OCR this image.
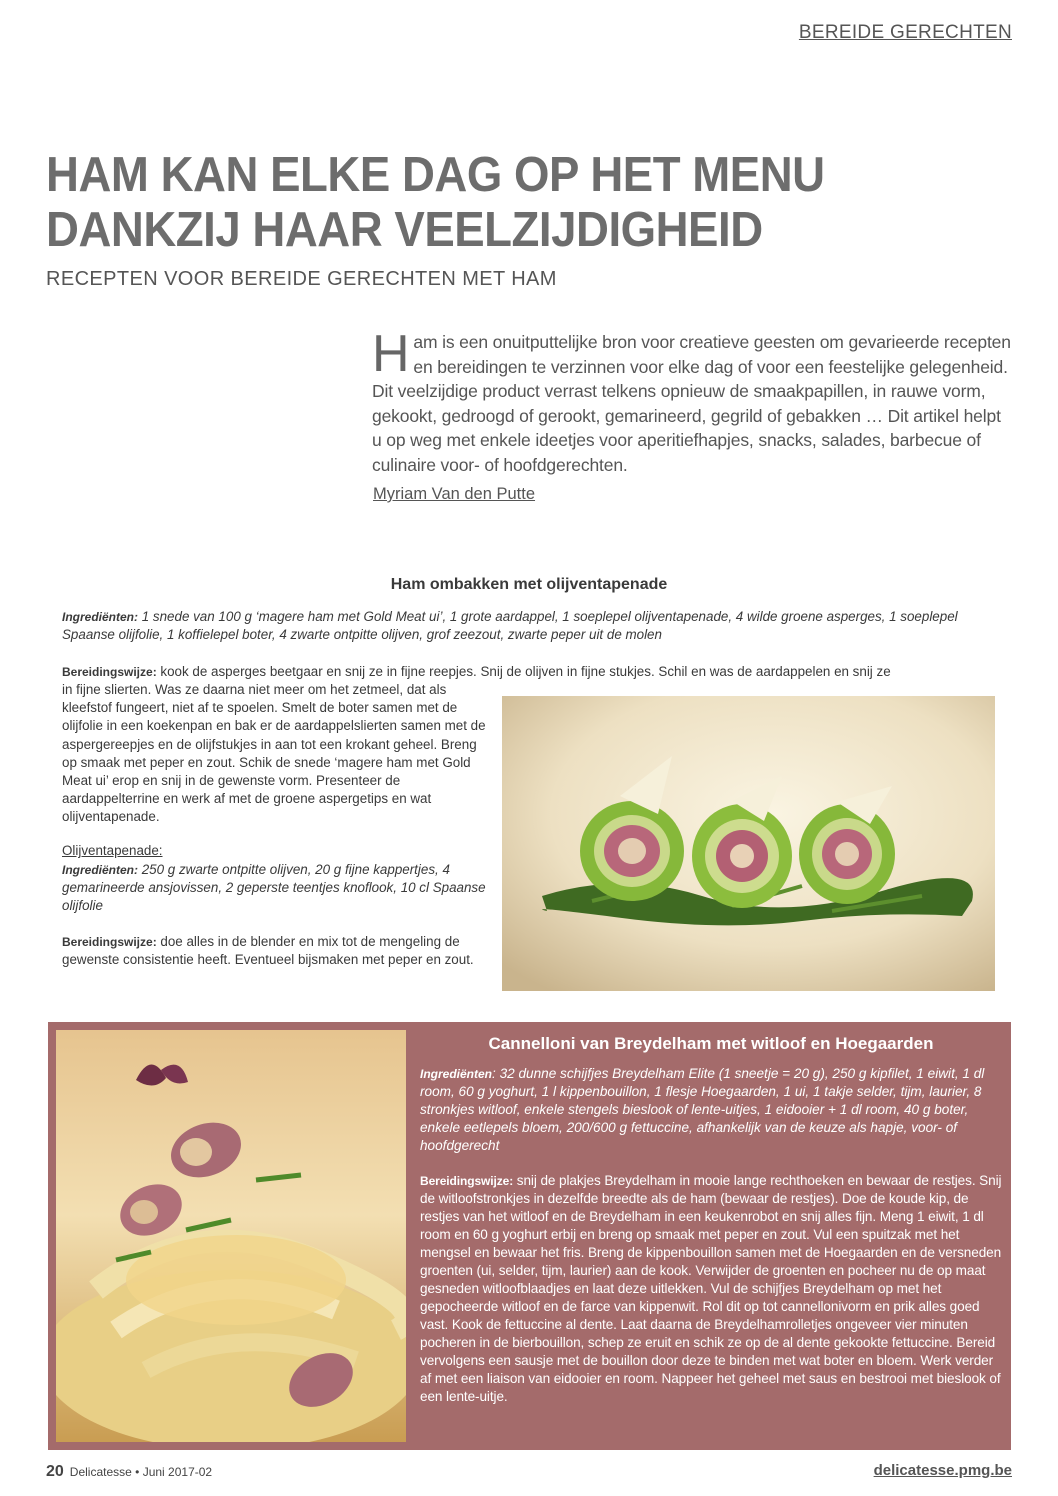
BEREIDE GERECHTEN
HAM KAN ELKE DAG OP HET MENU
DANKZIJ HAAR VEELZIJDIGHEID
RECEPTEN VOOR BEREIDE GERECHTEN MET HAM
Ham is een onuitputtelijke bron voor creatieve geesten om gevarieerde recepten en bereidingen te verzinnen voor elke dag of voor een feestelijke gelegenheid. Dit veelzijdige product verrast telkens opnieuw de smaakpapillen, in rauwe vorm, gekookt, gedroogd of gerookt, gemarineerd, gegrild of gebakken … Dit artikel helpt u op weg met enkele ideetjes voor aperitiefhapjes, snacks, salades, barbecue of culinaire voor- of hoofdgerechten.
Myriam Van den Putte
Ham ombakken met olijventapenade
Ingrediënten: 1 snede van 100 g ‘magere ham met Gold Meat ui’, 1 grote aardappel, 1 soeplepel olijventapenade, 4 wilde groene asperges, 1 soeplepel Spaanse olijfolie, 1 koffielepel boter, 4 zwarte ontpitte olijven, grof zeezout, zwarte peper uit de molen
Bereidingswijze: kook de asperges beetgaar en snij ze in fijne reepjes. Snij de olijven in fijne stukjes. Schil en was de aardappelen en snij ze
in fijne slierten. Was ze daarna niet meer om het zetmeel, dat als kleefstof fungeert, niet af te spoelen. Smelt de boter samen met de olijfolie in een koekenpan en bak er de aardappelslierten samen met de aspergereepjes en de olijfstukjes in aan tot een krokant geheel. Breng op smaak met peper en zout. Schik de snede ‘magere ham met Gold Meat ui’ erop en snij in de gewenste vorm. Presenteer de aardappelterrine en werk af met de groene aspergetips en wat olijventapenade.
Olijventapenade:
Ingrediënten: 250 g zwarte ontpitte olijven, 20 g fijne kappertjes, 4 gemarineerde ansjovissen, 2 geperste teentjes knoflook, 10 cl Spaanse olijfolie
Bereidingswijze: doe alles in de blender en mix tot de mengeling de gewenste consistentie heeft. Eventueel bijsmaken met peper en zout.
Cannelloni van Breydelham met witloof en Hoegaarden
Ingrediënten: 32 dunne schijfjes Breydelham Elite (1 sneetje = 20 g), 250 g kipfilet, 1 eiwit, 1 dl room, 60 g yoghurt, 1 l kippenbouillon, 1 flesje Hoegaarden, 1 ui, 1 takje selder, tijm, laurier, 8 stronkjes witloof, enkele stengels bieslook of lente-uitjes, 1 eidooier + 1 dl room, 40 g boter, enkele eetlepels bloem, 200/600 g fettuccine, afhankelijk van de keuze als hapje, voor- of hoofdgerecht
Bereidingswijze: snij de plakjes Breydelham in mooie lange rechthoeken en bewaar de restjes. Snij de witloofstronkjes in dezelfde breedte als de ham (bewaar de restjes). Doe de koude kip, de restjes van het witloof en de Breydelham in een keukenrobot en snij alles fijn. Meng 1 eiwit, 1 dl room en 60 g yoghurt erbij en breng op smaak met peper en zout. Vul een spuitzak met het mengsel en bewaar het fris. Breng de kippenbouillon samen met de Hoegaarden en de versneden groenten (ui, selder, tijm, laurier) aan de kook. Verwijder de groenten en pocheer nu de op maat gesneden witloofblaadjes en laat deze uitlekken. Vul de schijfjes Breydelham op met het gepocheerde witloof en de farce van kippenwit. Rol dit op tot cannellonivorm en prik alles goed vast. Kook de fettuccine al dente. Laat daarna de Breydelhamrolletjes ongeveer vier minuten pocheren in de bierbouillon, schep ze eruit en schik ze op de al dente gekookte fettuccine. Bereid vervolgens een sausje met de bouillon door deze te binden met wat boter en bloem. Werk verder af met een liaison van eidooier en room. Nappeer het geheel met saus en bestrooi met bieslook of een lente-uitje.
20 Delicatesse • Juni 2017-02	delicatesse.pmg.be
